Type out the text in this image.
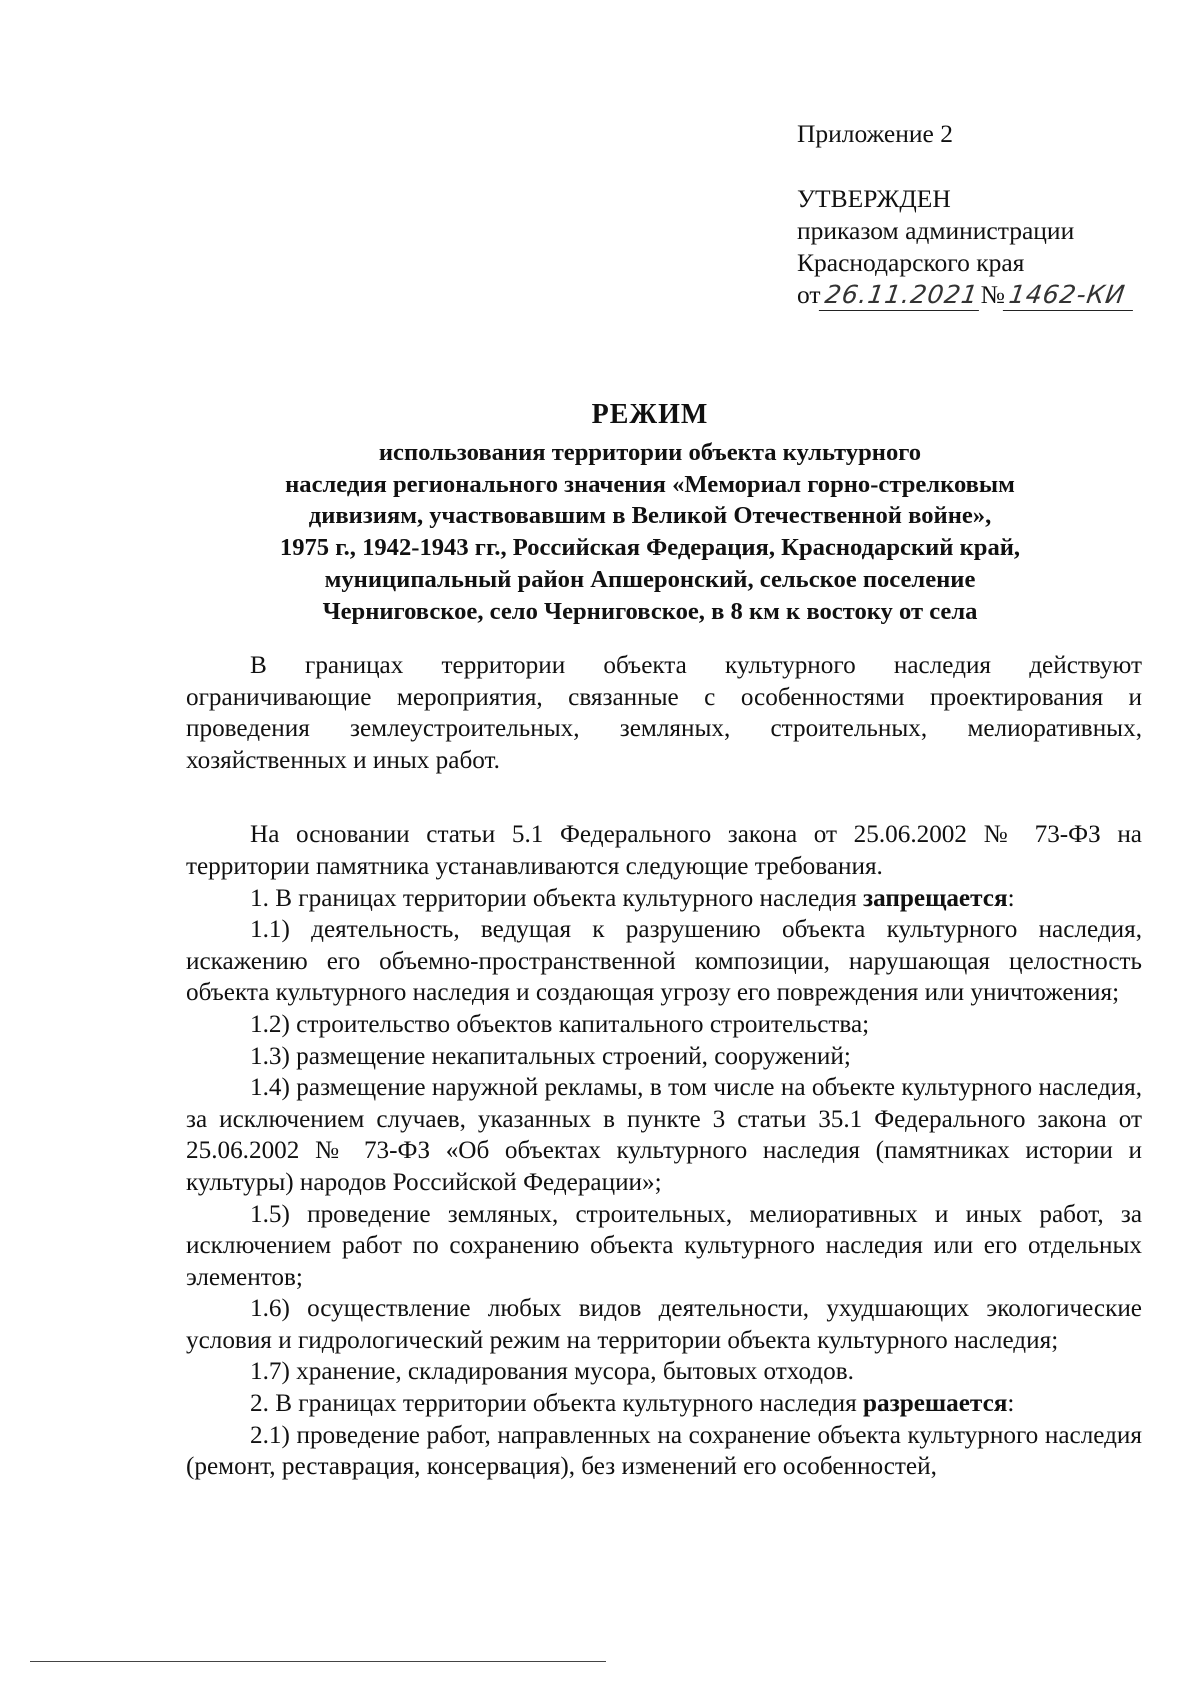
Приложение 2
УТВЕРЖДЕН
приказом администрации
Краснодарского края
от 26.11.2021 № 1462-КИ
РЕЖИМ
использования территории объекта культурного
наследия регионального значения «Мемориал горно-стрелковым
дивизиям, участвовавшим в Великой Отечественной войне»,
1975 г., 1942-1943 гг., Российская Федерация, Краснодарский край,
муниципальный район Апшеронский, сельское поселение
Черниговское, село Черниговское, в 8 км к востоку от села

В границах территории объекта культурного наследия действуют ограничивающие мероприятия, связанные с особенностями проектирования и проведения землеустроительных, земляных, строительных, мелиоративных, хозяйственных и иных работ.

На основании статьи 5.1 Федерального закона от 25.06.2002 № 73-ФЗ на территории памятника устанавливаются следующие требования.

1. В границах территории объекта культурного наследия запрещается:

1.1) деятельность, ведущая к разрушению объекта культурного наследия, искажению его объемно-пространственной композиции, нарушающая целостность объекта культурного наследия и создающая угрозу его повреждения или уничтожения;

1.2) строительство объектов капитального строительства;

1.3) размещение некапитальных строений, сооружений;

1.4) размещение наружной рекламы, в том числе на объекте культурного наследия, за исключением случаев, указанных в пункте 3 статьи 35.1 Федерального закона от 25.06.2002 № 73-ФЗ «Об объектах культурного наследия (памятниках истории и культуры) народов Российской Федерации»;

1.5) проведение земляных, строительных, мелиоративных и иных работ, за исключением работ по сохранению объекта культурного наследия или его отдельных элементов;

1.6) осуществление любых видов деятельности, ухудшающих экологические условия и гидрологический режим на территории объекта культурного наследия;

1.7) хранение, складирования мусора, бытовых отходов.

2. В границах территории объекта культурного наследия разрешается:

2.1) проведение работ, направленных на сохранение объекта культурного наследия (ремонт, реставрация, консервация), без изменений его особенностей,
